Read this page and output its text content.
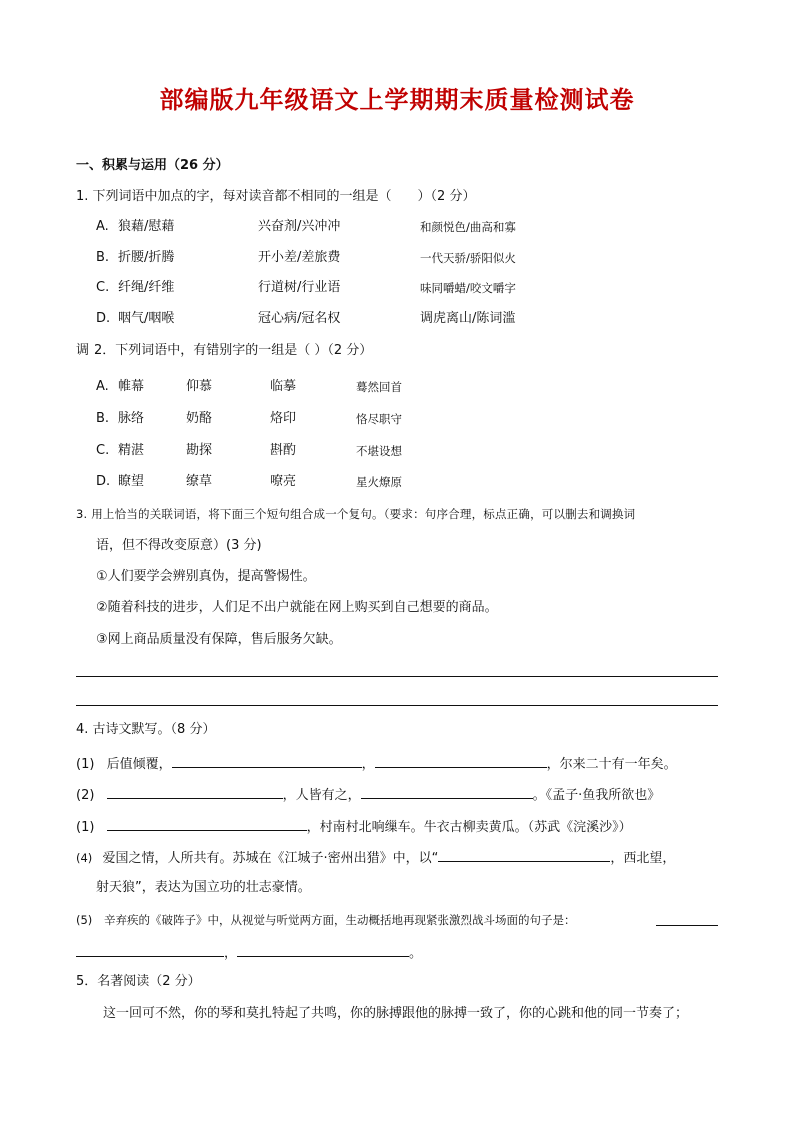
部编版九年级语文上学期期末质量检测试卷
一、积累与运用（26 分）
1. 下列词语中加点的字，每对读音都不相同的一组是（　　）（2 分）
A. 狼藉/慰藉	兴奋剂/兴冲冲	和颜悦色/曲高和寡
B. 折腰/折腾	开小差/差旅费	一代天骄/骄阳似火
C. 纤绳/纤维	行道树/行业语	味同嚼蜡/咬文嚼字
D. 咽气/咽喉	冠心病/冠名权	调虎离山/陈词滥
调 2．下列词语中，有错别字的一组是（ ）（2 分）
A. 帷幕	仰慕	临摹	蓦然回首
B. 脉络	奶酪	烙印	恪尽职守
C. 精湛	勘探	斟酌	不堪设想
D. 瞭望	缭草	嘹亮	星火燎原
3. 用上恰当的关联词语，将下面三个短句组合成一个复句。（要求：句序合理，标点正确，可以删去和调换词
语，但不得改变原意）(3 分)
①人们要学会辨别真伪，提高警惕性。
②随着科技的进步，人们足不出户就能在网上购买到自己想要的商品。
③网上商品质量没有保障，售后服务欠缺。
4. 古诗文默写。（8 分）
(1) 后值倾覆，	，	，尔来二十有一年矣。
(2)	，人皆有之，	。《孟子·鱼我所欲也》
(1)	，村南村北响缫车。牛衣古柳卖黄瓜。（苏武《浣溪沙》）
(4) 爱国之情，人所共有。苏城在《江城子·密州出猎》中，以“	，西北望，
射天狼”，表达为国立功的壮志豪情。
(5) 辛弃疾的《破阵子》中，从视觉与听觉两方面，生动概括地再现紧张激烈战斗场面的句子是：
，	。
5．名著阅读（2 分）
这一回可不然，你的琴和莫扎特起了共鸣，你的脉搏跟他的脉搏一致了，你的心跳和他的同一节奏了；
